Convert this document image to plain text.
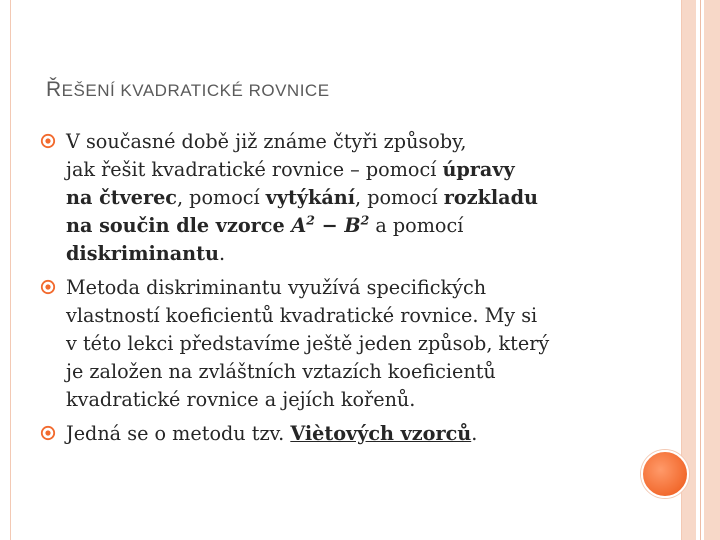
ŘEŠENÍ KVADRATICKÉ ROVNICE
V současné době již známe čtyři způsoby,
jak řešit kvadratické rovnice – pomocí úpravy
na čtverec, pomocí vytýkání, pomocí rozkladu
na součin dle vzorce $A^2 - B^2$ a pomocí
diskriminantu.
Metoda diskriminantu využívá specifických
vlastností koeficientů kvadratické rovnice. My si
v této lekci představíme ještě jeden způsob, který
je založen na zvláštních vztazích koeficientů
kvadratické rovnice a jejích kořenů.
Jedná se o metodu tzv. Viètových vzorců.
